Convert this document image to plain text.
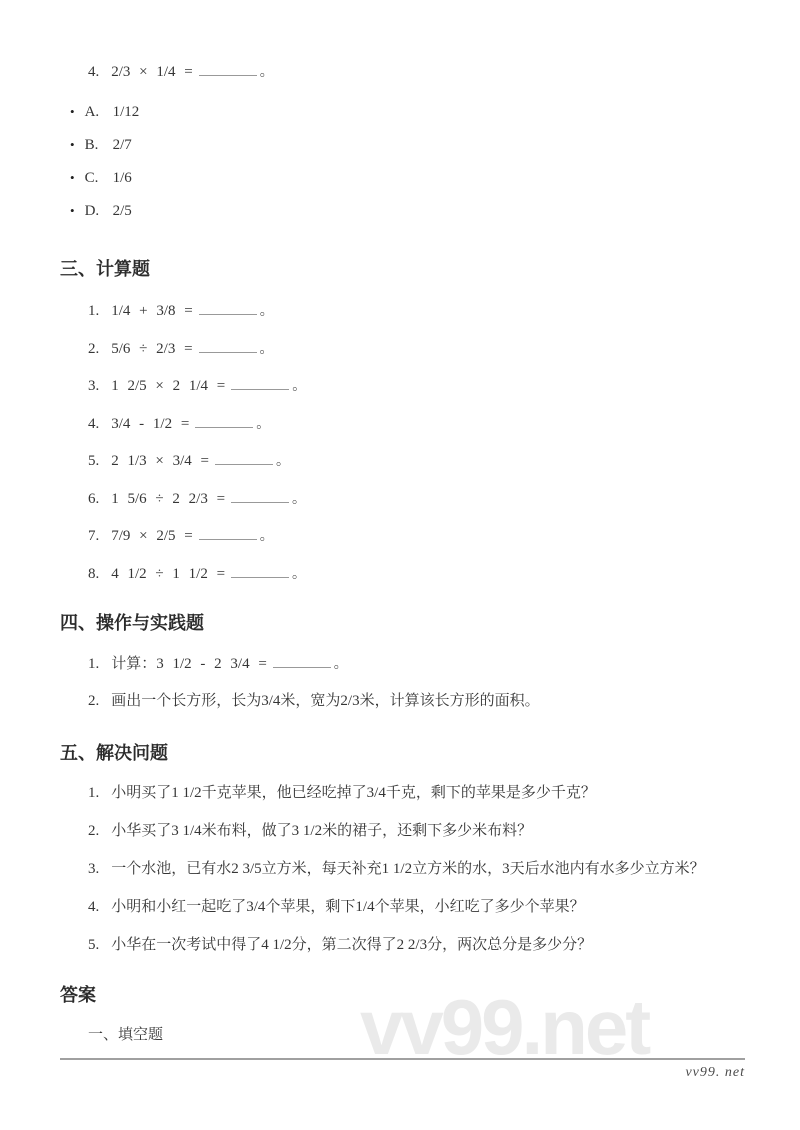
vv99.net

4. 2/3 × 1/4 =	。

• A. 1/12
• B. 2/7
• C. 1/6
• D. 2/5
三、计算题
1. 1/4 + 3/8 =	。
2. 5/6 ÷ 2/3 =	。
3. 1 2/5 × 2 1/4 =	。
4. 3/4 - 1/2 =	。
5. 2 1/3 × 3/4 =	。
6. 1 5/6 ÷ 2 2/3 =	。
7. 7/9 × 2/5 =	。
8. 4 1/2 ÷ 1 1/2 =	。
四、操作与实践题
1. 计算：3 1/2 - 2 3/4 =	。
2. 画出一个长方形，长为3/4米，宽为2/3米，计算该长方形的面积。
五、解决问题

1. 小明买了1 1/2千克苹果，他已经吃掉了3/4千克，剩下的苹果是多少千克？

2. 小华买了3 1/4米布料，做了3 1/2米的裙子，还剩下多少米布料？

3. 一个水池，已有水2 3/5立方米，每天补充1 1/2立方米的水，3天后水池内有水多少立方米？

4. 小明和小红一起吃了3/4个苹果，剩下1/4个苹果，小红吃了多少个苹果？

5. 小华在一次考试中得了4 1/2分，第二次得了2 2/3分，两次总分是多少分？

答案

一、填空题

vv99. net
